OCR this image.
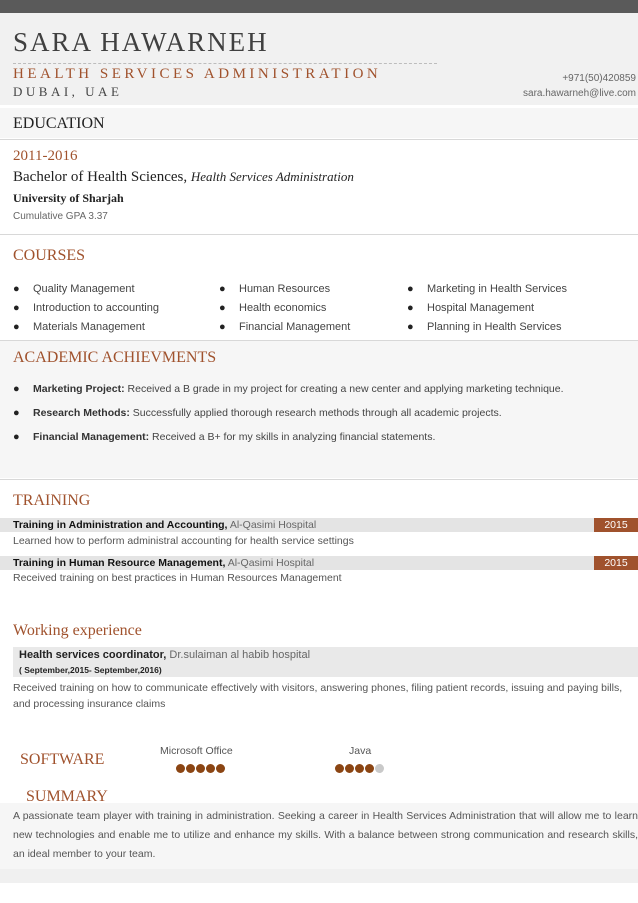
SARA HAWARNEH
HEALTH SERVICES ADMINISTRATION
DUBAI, UAE
+971(50)420859
sara.hawarneh@live.com
EDUCATION
2011-2016
Bachelor of Health Sciences, Health Services Administration
University of Sharjah
Cumulative GPA 3.37
COURSES
● Quality Management
● Introduction to accounting
● Materials Management
● Human Resources
● Health economics
● Financial Management
● Marketing in Health Services
● Hospital Management
● Planning in Health Services
ACADEMIC ACHIEVMENTS
● Marketing Project: Received a B grade in my project for creating a new center and applying marketing technique.
● Research Methods: Successfully applied thorough research methods through all academic projects.
● Financial Management: Received a B+ for my skills in analyzing financial statements.
TRAINING
Training in Administration and Accounting, Al-Qasimi Hospital	2015
Learned how to perform administral accounting for health service settings
Training in Human Resource Management, Al-Qasimi Hospital	2015
Received training on best practices in Human Resources Management
Working experience
Health services coordinator, Dr.sulaiman al habib hospital
( September,2015- September,2016)
Received training on how to communicate effectively with visitors, answering phones, filing patient records, issuing and paying bills, and processing insurance claims
SOFTWARE	Microsoft Office	Java
SUMMARY
A passionate team player with training in administration. Seeking a career in Health Services Administration that will allow me to learn new technologies and enable me to utilize and enhance my skills. With a balance between strong communication and research skills, an ideal member to your team.
